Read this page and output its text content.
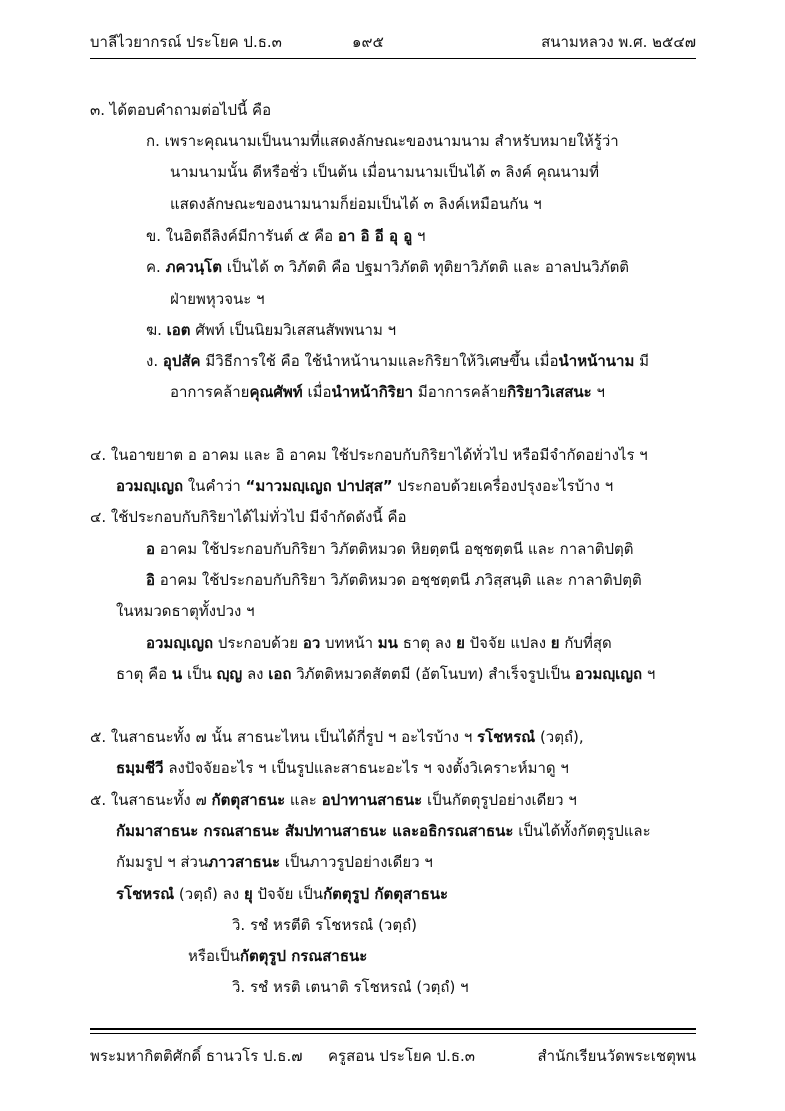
บาลีไวยากรณ์ ประโยค ป.ธ.๓	๑๙๕	สนามหลวง พ.ศ. ๒๕๔๗
๓. ได้ตอบคำถามต่อไปนี้ คือ
ก. เพราะคุณนามเป็นนามที่แสดงลักษณะของนามนาม สำหรับหมายให้รู้ว่า
นามนามนั้น ดีหรือชั่ว เป็นต้น เมื่อนามนามเป็นได้ ๓ ลิงค์ คุณนามที่
แสดงลักษณะของนามนามก็ย่อมเป็นได้ ๓ ลิงค์เหมือนกัน ฯ
ข. ในอิตถีลิงค์มีการันต์ ๕ คือ อา อิ อี อุ อู ฯ
ค. ภควนฺโต เป็นได้ ๓ วิภัตติ คือ ปฐมาวิภัตติ ทุติยาวิภัตติ และ อาลปนวิภัตติ
ฝ่ายพหุวจนะ ฯ
ฆ. เอต ศัพท์ เป็นนิยมวิเสสนสัพพนาม ฯ
ง. อุปสัค มีวิธีการใช้ คือ ใช้นำหน้านามและกิริยาให้วิเศษขึ้น เมื่อนำหน้านาม มี
อาการคล้ายคุณศัพท์ เมื่อนำหน้ากิริยา มีอาการคล้ายกิริยาวิเสสนะ ฯ
๔. ในอาขยาต อ อาคม และ อิ อาคม ใช้ประกอบกับกิริยาได้ทั่วไป หรือมีจำกัดอย่างไร ฯ
อวมญฺเญถ ในคำว่า “มาวมญฺเญถ ปาปสฺส” ประกอบด้วยเครื่องปรุงอะไรบ้าง ฯ
๔. ใช้ประกอบกับกิริยาได้ไม่ทั่วไป มีจำกัดดังนี้ คือ
อ อาคม ใช้ประกอบกับกิริยา วิภัตติหมวด หิยตฺตนี อชฺชตฺตนี และ กาลาติปตฺติ
อิ อาคม ใช้ประกอบกับกิริยา วิภัตติหมวด อชฺชตฺตนี ภวิสฺสนฺติ และ กาลาติปตฺติ
ในหมวดธาตุทั้งปวง ฯ
อวมญฺเญถ ประกอบด้วย อว บทหน้า มน ธาตุ ลง ย ปัจจัย แปลง ย กับที่สุด
ธาตุ คือ น เป็น ญฺญ ลง เอถ วิภัตติหมวดสัตตมี (อัตโนบท) สำเร็จรูปเป็น อวมญฺเญถ ฯ
๕. ในสาธนะทั้ง ๗ นั้น สาธนะไหน เป็นได้กี่รูป ฯ อะไรบ้าง ฯ รโชหรณํ (วตฺถํ),
ธมฺมชีวี ลงปัจจัยอะไร ฯ เป็นรูปและสาธนะอะไร ฯ จงตั้งวิเคราะห์มาดู ฯ
๕. ในสาธนะทั้ง ๗ กัตตุสาธนะ และ อปาทานสาธนะ เป็นกัตตุรูปอย่างเดียว ฯ
กัมมาสาธนะ กรณสาธนะ สัมปทานสาธนะ และอธิกรณสาธนะ เป็นได้ทั้งกัตตุรูปและ
กัมมรูป ฯ ส่วนภาวสาธนะ เป็นภาวรูปอย่างเดียว ฯ
รโชหรณํ (วตฺถํ) ลง ยุ ปัจจัย เป็นกัตตุรูป กัตตุสาธนะ
วิ. รชํ หรตีติ รโชหรณํ (วตฺถํ)
หรือเป็นกัตตุรูป กรณสาธนะ
วิ. รชํ หรติ เตนาติ รโชหรณํ (วตฺถํ) ฯ
พระมหากิตติศักดิ์ ธานวโร ป.ธ.๗ ครูสอน ประโยค ป.ธ.๓	สำนักเรียนวัดพระเชตุพน
